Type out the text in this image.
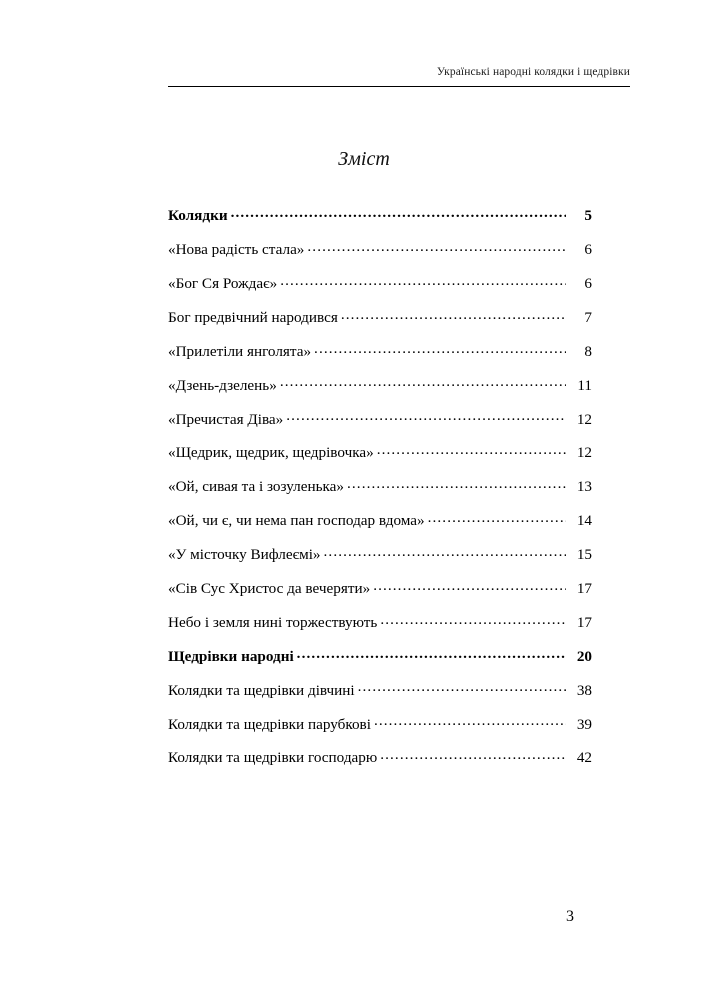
Українські народні колядки і щедрівки
Зміст
Колядки .....	5
«Нова радість стала» .....	6
«Бог Ся Рождає» .....	6
Бог предвічний народився .....	7
«Прилетіли янголята» .....	8
«Дзень-дзелень» .....	11
«Пречистая Діва» .....	12
«Щедрик, щедрик, щедрівочка» .....	12
«Ой, сивая та і зозуленька» .....	13
«Ой, чи є, чи нема пан господар вдома» .....	14
«У місточку Вифлеємі» .....	15
«Сів Сус Христос да вечеряти» .....	17
Небо і земля нині торжествують .....	17
Щедрівки народні .....	20
Колядки та щедрівки дівчині .....	38
Колядки та щедрівки парубкові .....	39
Колядки та щедрівки господарю .....	42
3
